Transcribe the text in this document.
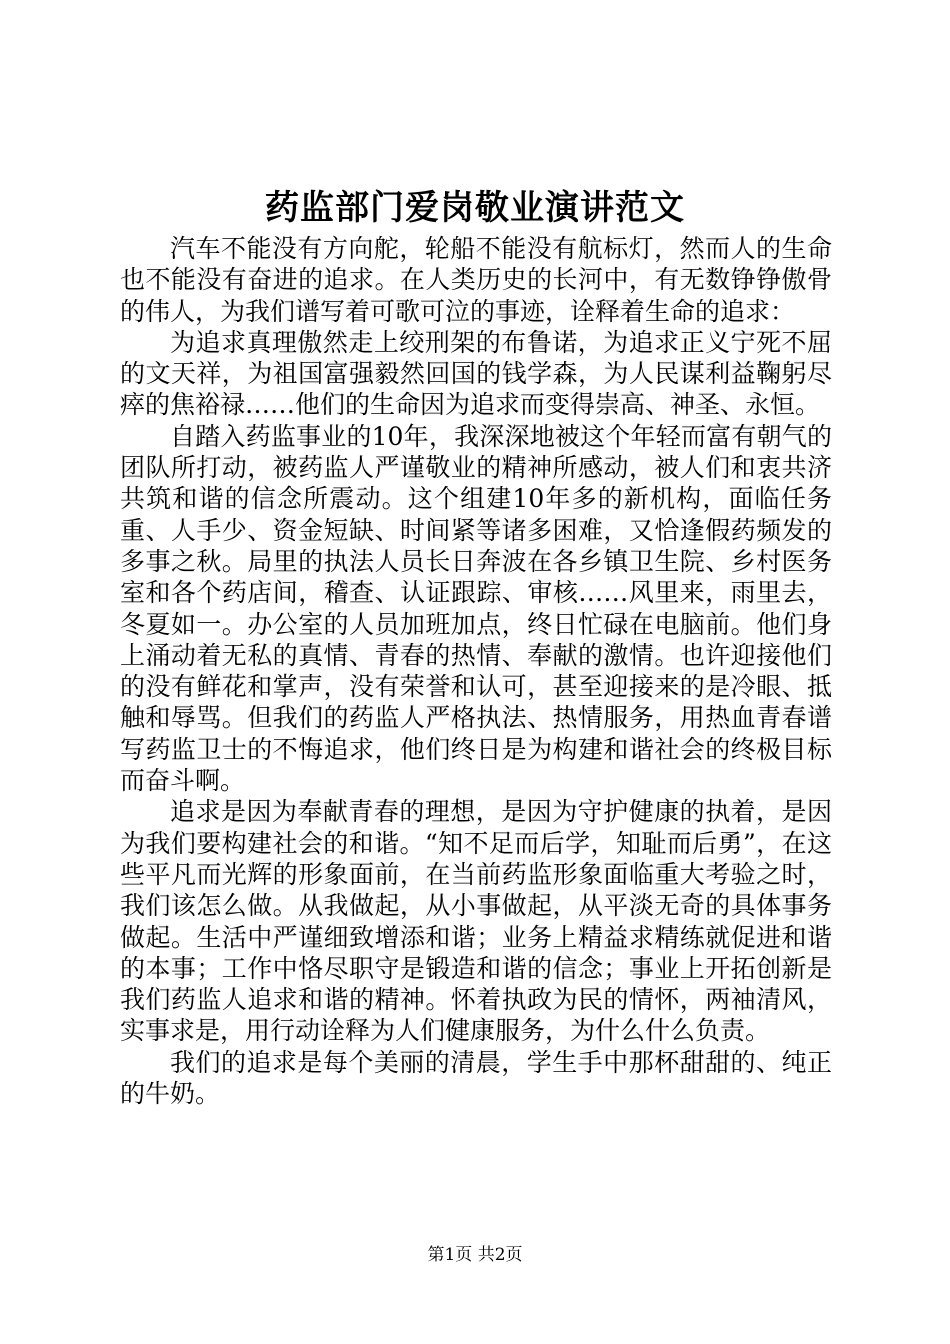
药监部门爱岗敬业演讲范文

汽车不能没有方向舵，轮船不能没有航标灯，然而人的生命也不能没有奋进的追求。在人类历史的长河中，有无数铮铮傲骨的伟人，为我们谱写着可歌可泣的事迹，诠释着生命的追求：

为追求真理傲然走上绞刑架的布鲁诺，为追求正义宁死不屈的文天祥，为祖国富强毅然回国的钱学森，为人民谋利益鞠躬尽瘁的焦裕禄……他们的生命因为追求而变得崇高、神圣、永恒。

自踏入药监事业的10年，我深深地被这个年轻而富有朝气的团队所打动，被药监人严谨敬业的精神所感动，被人们和衷共济共筑和谐的信念所震动。这个组建10年多的新机构，面临任务重、人手少、资金短缺、时间紧等诸多困难，又恰逢假药频发的多事之秋。局里的执法人员长日奔波在各乡镇卫生院、乡村医务室和各个药店间，稽查、认证跟踪、审核……风里来，雨里去，冬夏如一。办公室的人员加班加点，终日忙碌在电脑前。他们身上涌动着无私的真情、青春的热情、奉献的激情。也许迎接他们的没有鲜花和掌声，没有荣誉和认可，甚至迎接来的是冷眼、抵触和辱骂。但我们的药监人严格执法、热情服务，用热血青春谱写药监卫士的不悔追求，他们终日是为构建和谐社会的终极目标而奋斗啊。

追求是因为奉献青春的理想，是因为守护健康的执着，是因为我们要构建社会的和谐。“知不足而后学，知耻而后勇”，在这些平凡而光辉的形象面前，在当前药监形象面临重大考验之时，我们该怎么做。从我做起，从小事做起，从平淡无奇的具体事务做起。生活中严谨细致增添和谐；业务上精益求精练就促进和谐的本事；工作中恪尽职守是锻造和谐的信念；事业上开拓创新是我们药监人追求和谐的精神。怀着执政为民的情怀，两袖清风，实事求是，用行动诠释为人们健康服务，为什么什么负责。

我们的追求是每个美丽的清晨，学生手中那杯甜甜的、纯正的牛奶。

第1页 共2页
